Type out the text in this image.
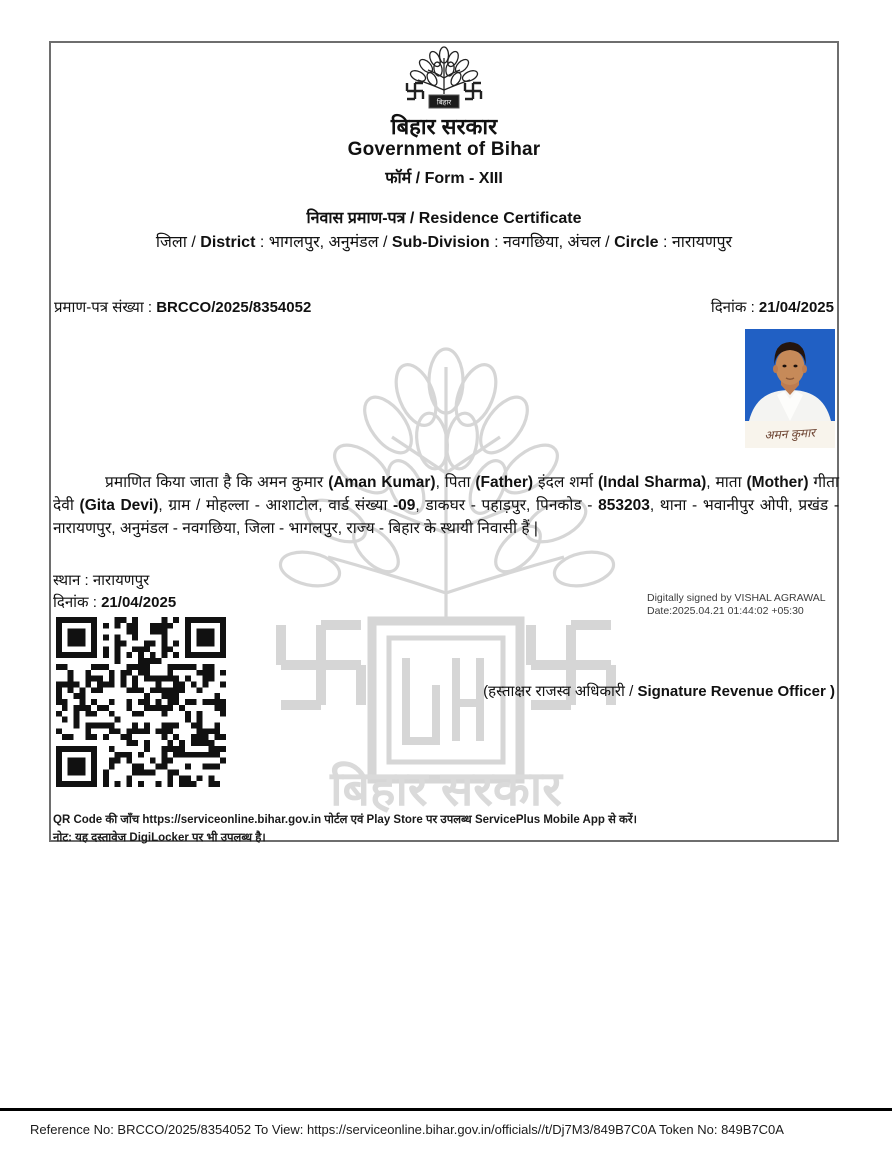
बिहार सरकार
बिहार
बिहार सरकार
Government of Bihar
फॉर्म / Form - XIII
निवास प्रमाण-पत्र / Residence Certificate
जिला / District : भागलपुर, अनुमंडल / Sub-Division : नवगछिया, अंचल / Circle : नारायणपुर
प्रमाण-पत्र संख्या : BRCCO/2025/8354052	दिनांक : 21/04/2025
अमन कुमार
प्रमाणित किया जाता है कि अमन कुमार (Aman Kumar), पिता (Father) इंदल शर्मा (Indal Sharma), माता (Mother) गीता देवी (Gita Devi), ग्राम / मोहल्ला - आशाटोल, वार्ड संख्या -09, डाकघर - पहाड़पुर, पिनकोड - 853203, थाना - भवानीपुर ओपी, प्रखंड - नारायणपुर, अनुमंडल - नवगछिया, जिला - भागलपुर, राज्य - बिहार के स्थायी निवासी हैं |
स्थान : नारायणपुर
दिनांक : 21/04/2025	Digitally signed by VISHAL AGRAWAL
Date:2025.04.21 01:44:02 +05:30
(हस्ताक्षर राजस्व अधिकारी / Signature Revenue Officer )
QR Code की जाँच https://serviceonline.bihar.gov.in पोर्टल एवं Play Store पर उपलब्ध ServicePlus Mobile App से करें।
नोट: यह दस्तावेज DigiLocker पर भी उपलब्ध है।
Reference No: BRCCO/2025/8354052 To View: https://serviceonline.bihar.gov.in/officials//t/Dj7M3/849B7C0A Token No: 849B7C0A
